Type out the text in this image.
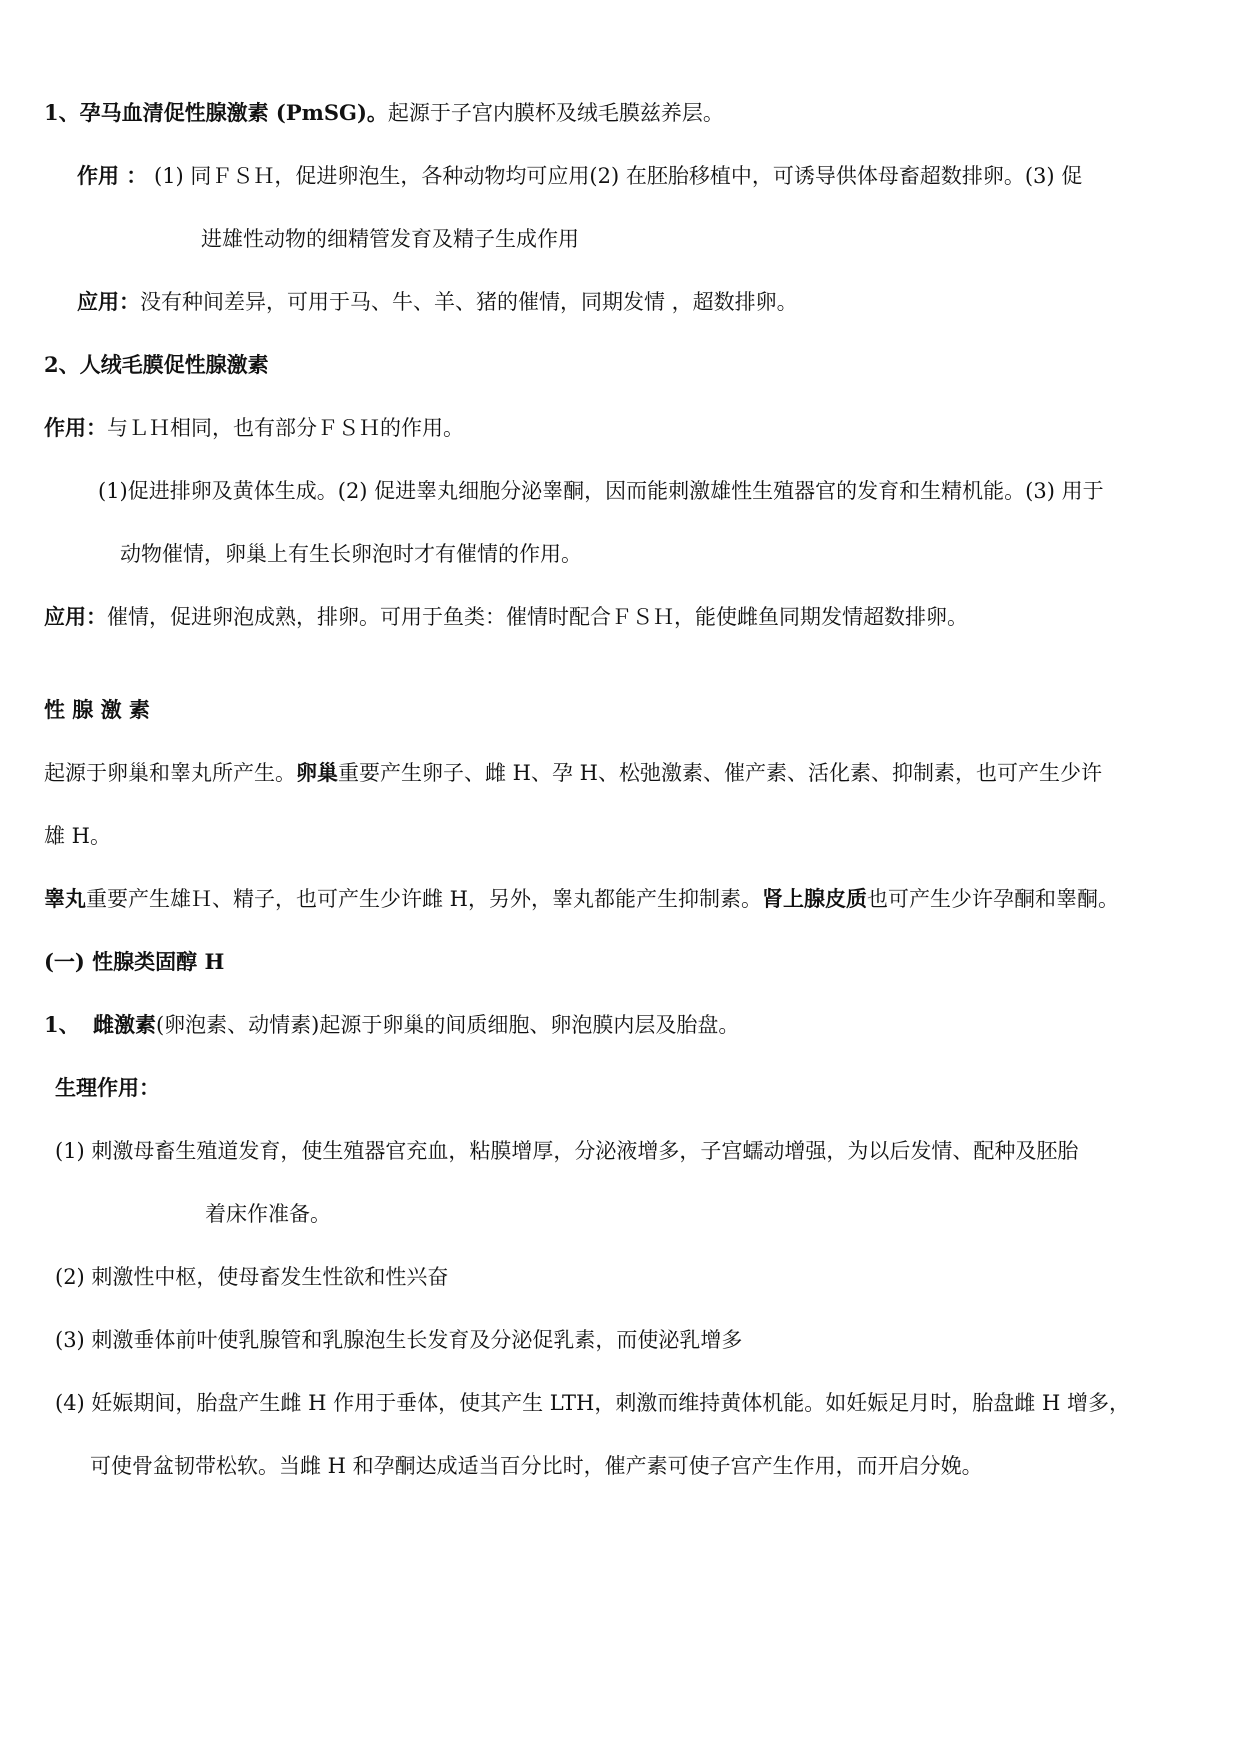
1、孕马血清促性腺激素 (PmSG)。起源于子宫内膜杯及绒毛膜兹养层。
作用 ： (1) 同ＦＳＨ，促进卵泡生，各种动物均可应用(2) 在胚胎移植中，可诱导供体母畜超数排卵。(3) 促
进雄性动物的细精管发育及精子生成作用
应用：没有种间差异，可用于马、牛、羊、猪的催情，同期发情 ，超数排卵。
2、人绒毛膜促性腺激素
作用：与ＬＨ相同，也有部分ＦＳＨ的作用。
(1)促进排卵及黄体生成。(2) 促进睾丸细胞分泌睾酮，因而能刺激雄性生殖器官的发育和生精机能。(3) 用于
动物催情，卵巢上有生长卵泡时才有催情的作用。
应用：催情，促进卵泡成熟，排卵。可用于鱼类：催情时配合ＦＳＨ，能使雌鱼同期发情超数排卵。
性 腺 激 素
起源于卵巢和睾丸所产生。卵巢重要产生卵子、雌 H、孕 H、松弛激素、催产素、活化素、抑制素，也可产生少许
雄 H。
睾丸重要产生雄Ｈ、精子，也可产生少许雌 H，另外，睾丸都能产生抑制素。肾上腺皮质也可产生少许孕酮和睾酮。
(一) 性腺类固醇 H
1、 雌激素(卵泡素、动情素)起源于卵巢的间质细胞、卵泡膜内层及胎盘。
生理作用：
(1) 刺激母畜生殖道发育，使生殖器官充血，粘膜增厚，分泌液增多，子宫蠕动增强，为以后发情、配种及胚胎
着床作准备。
(2) 刺激性中枢，使母畜发生性欲和性兴奋
(3) 刺激垂体前叶使乳腺管和乳腺泡生长发育及分泌促乳素，而使泌乳增多
(4) 妊娠期间，胎盘产生雌 H 作用于垂体，使其产生 LTH，刺激而维持黄体机能。如妊娠足月时，胎盘雌 H 增多，
可使骨盆韧带松软。当雌 H 和孕酮达成适当百分比时，催产素可使子宫产生作用，而开启分娩。
